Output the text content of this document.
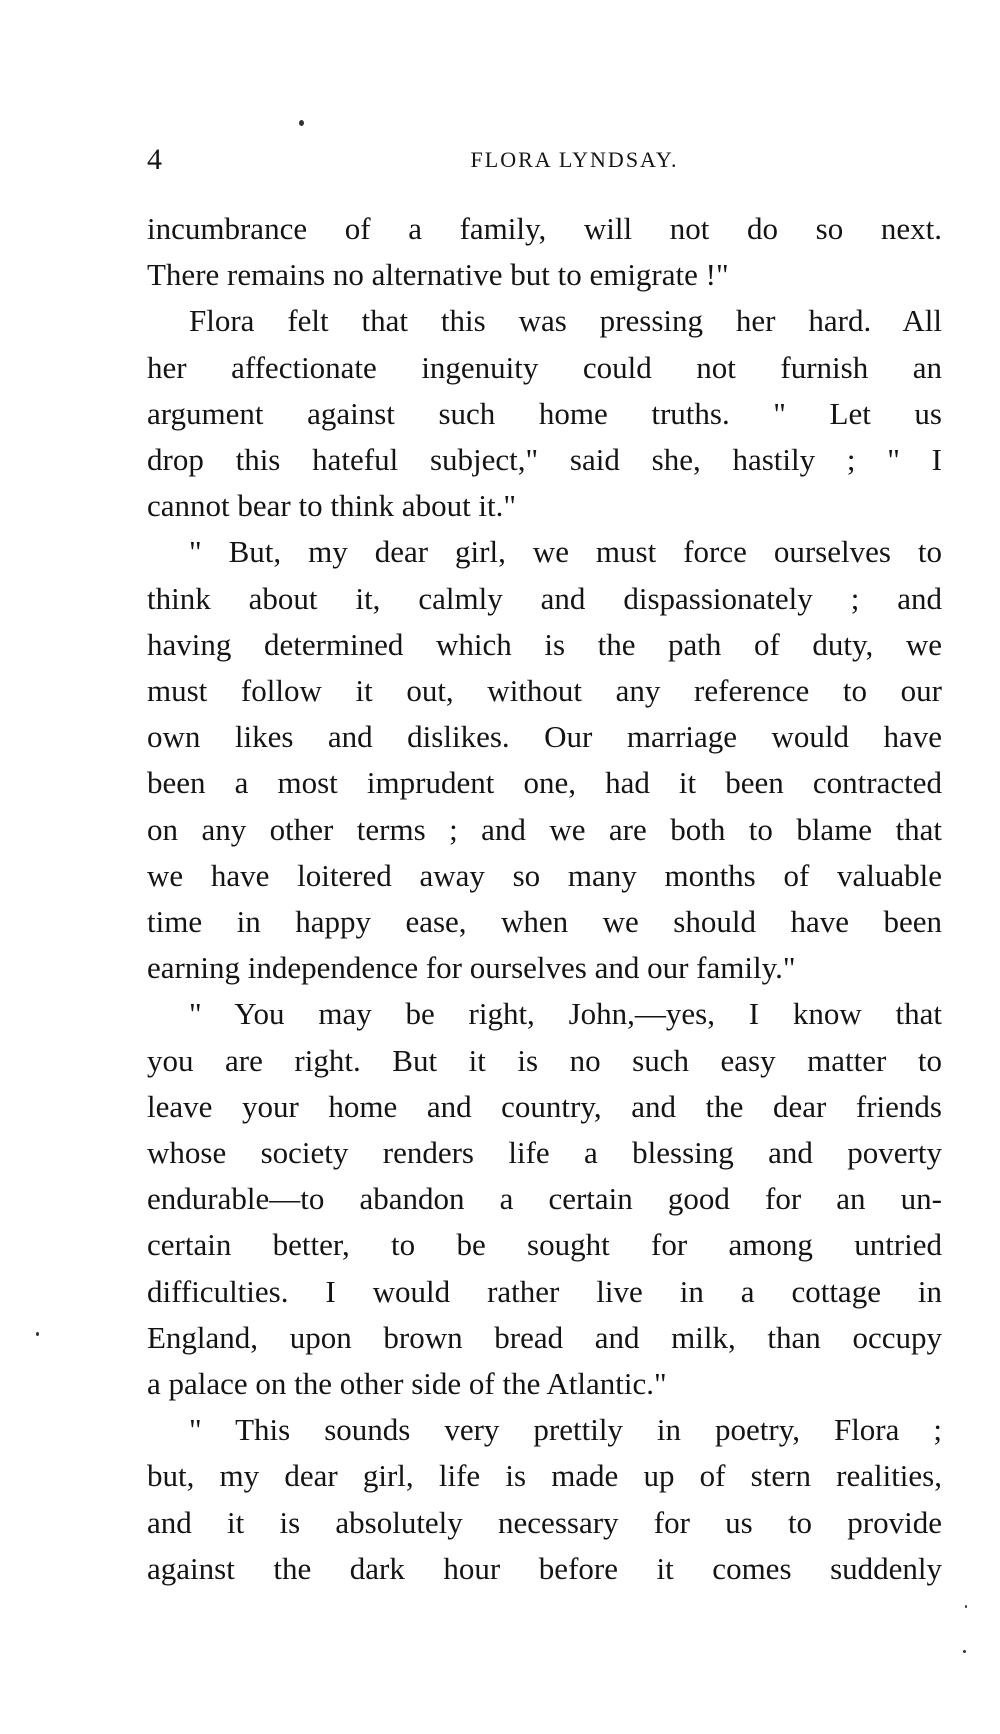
4	FLORA LYNDSAY.

incumbrance of a family, will not do so next.
There remains no alternative but to emigrate !"

Flora felt that this was pressing her hard. All
her affectionate ingenuity could not furnish an
argument against such home truths. " Let us
drop this hateful subject," said she, hastily ; " I
cannot bear to think about it."

" But, my dear girl, we must force ourselves to
think about it, calmly and dispassionately ; and
having determined which is the path of duty, we
must follow it out, without any reference to our
own likes and dislikes. Our marriage would have
been a most imprudent one, had it been contracted
on any other terms ; and we are both to blame that
we have loitered away so many months of valuable
time in happy ease, when we should have been
earning independence for ourselves and our family."

" You may be right, John,—yes, I know that
you are right. But it is no such easy matter to
leave your home and country, and the dear friends
whose society renders life a blessing and poverty
endurable—to abandon a certain good for an un-
certain better, to be sought for among untried
difficulties. I would rather live in a cottage in
England, upon brown bread and milk, than occupy
a palace on the other side of the Atlantic."

" This sounds very prettily in poetry, Flora ;
but, my dear girl, life is made up of stern realities,
and it is absolutely necessary for us to provide
against the dark hour before it comes suddenly
